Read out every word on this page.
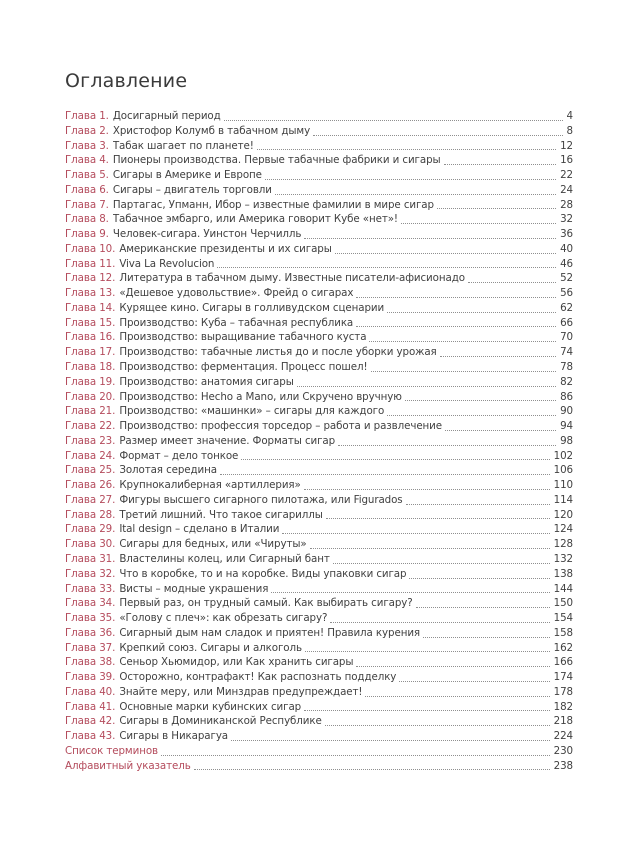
Оглавление
Глава 1. Досигарный период	4
Глава 2. Христофор Колумб в табачном дыму	8
Глава 3. Табак шагает по планете!	12
Глава 4. Пионеры производства. Первые табачные фабрики и сигары	16
Глава 5. Сигары в Америке и Европе	22
Глава 6. Сигары – двигатель торговли	24
Глава 7. Партагас, Упманн, Ибор – известные фамилии в мире сигар	28
Глава 8. Табачное эмбарго, или Америка говорит Кубе «нет»!	32
Глава 9. Человек-сигара. Уинстон Черчилль	36
Глава 10. Американские президенты и их сигары	40
Глава 11. Viva La Revolucion	46
Глава 12. Литература в табачном дыму. Известные писатели-афисионадо	52
Глава 13. «Дешевое удовольствие». Фрейд о сигарах	56
Глава 14. Курящее кино. Сигары в голливудском сценарии	62
Глава 15. Производство: Куба – табачная республика	66
Глава 16. Производство: выращивание табачного куста	70
Глава 17. Производство: табачные листья до и после уборки урожая	74
Глава 18. Производство: ферментация. Процесс пошел!	78
Глава 19. Производство: анатомия сигары	82
Глава 20. Производство: Hecho a Mano, или Скручено вручную	86
Глава 21. Производство: «машинки» – сигары для каждого	90
Глава 22. Производство: профессия торседор – работа и развлечение	94
Глава 23. Размер имеет значение. Форматы сигар	98
Глава 24. Формат – дело тонкое	102
Глава 25. Золотая середина	106
Глава 26. Крупнокалиберная «артиллерия»	110
Глава 27. Фигуры высшего сигарного пилотажа, или Figurados	114
Глава 28. Третий лишний. Что такое сигариллы	120
Глава 29. Ital design – сделано в Италии	124
Глава 30. Сигары для бедных, или «Чируты»	128
Глава 31. Властелины колец, или Сигарный бант	132
Глава 32. Что в коробке, то и на коробке. Виды упаковки сигар	138
Глава 33. Висты – модные украшения	144
Глава 34. Первый раз, он трудный самый. Как выбирать сигару?	150
Глава 35. «Голову с плеч»: как обрезать сигару?	154
Глава 36. Сигарный дым нам сладок и приятен! Правила курения	158
Глава 37. Крепкий союз. Сигары и алкоголь	162
Глава 38. Сеньор Хьюмидор, или Как хранить сигары	166
Глава 39. Осторожно, контрафакт! Как распознать подделку	174
Глава 40. Знайте меру, или Минздрав предупреждает!	178
Глава 41. Основные марки кубинских сигар	182
Глава 42. Сигары в Доминиканской Республике	218
Глава 43. Сигары в Никарагуа	224
Список терминов	230
Алфавитный указатель	238
